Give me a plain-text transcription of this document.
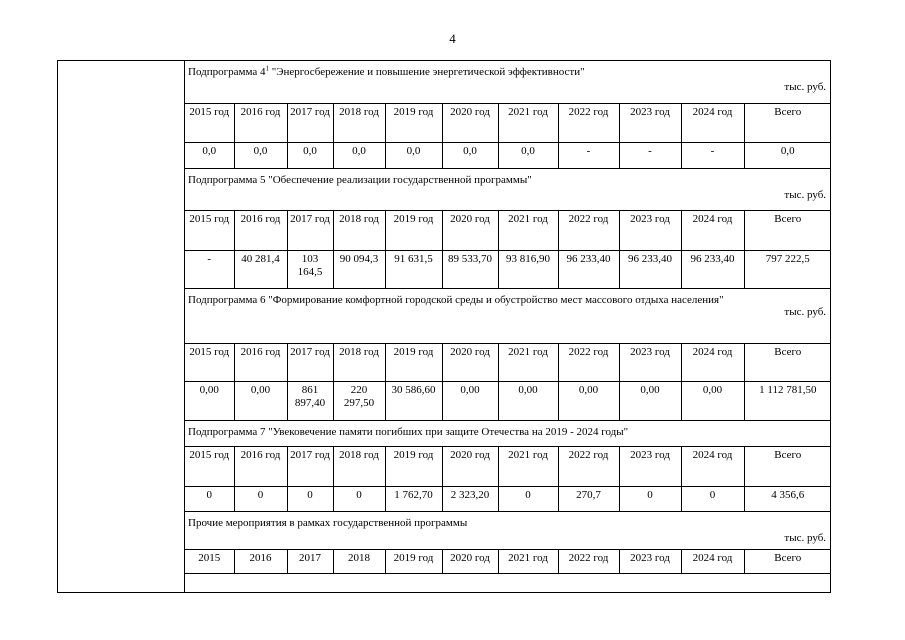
4
Подпрограмма $4^1$ "Энергосбережение и повышение энергетической эффективности"
тыс. руб.										

2015 год	2016 год	2017 год	2018 год	2019 год	2020 год	2021 год	2022 год	2023 год	2024 год	Всего
0,0	0,0	0,0	0,0	0,0	0,0	0,0	-	-	-	0,0

Подпрограмма 5 "Обеспечение реализации государственной программы"
тыс. руб.										

2015 год	2016 год	2017 год	2018 год	2019 год	2020 год	2021 год	2022 год	2023 год	2024 год	Всего
-	40 281,4	103 164,5	90 094,3	91 631,5	89 533,70	93 816,90	96 233,40	96 233,40	96 233,40	797 222,5

Подпрограмма 6 "Формирование комфортной городской среды и обустройство мест массового отдыха населения"
тыс. руб.										

2015 год	2016 год	2017 год	2018 год	2019 год	2020 год	2021 год	2022 год	2023 год	2024 год	Всего
0,00	0,00	861 897,40	220 297,50	30 586,60	0,00	0,00	0,00	0,00	0,00	1 112 781,50

Подпрограмма 7 "Увековечение памяти погибших при защите Отечества на 2019 - 2024 годы"										

2015 год	2016 год	2017 год	2018 год	2019 год	2020 год	2021 год	2022 год	2023 год	2024 год	Всего
0	0	0	0	1 762,70	2 323,20	0	270,7	0	0	4 356,6

Прочие мероприятия в рамках государственной программы
тыс. руб.										

2015	2016	2017	2018	2019 год	2020 год	2021 год	2022 год	2023 год	2024 год	Всего
